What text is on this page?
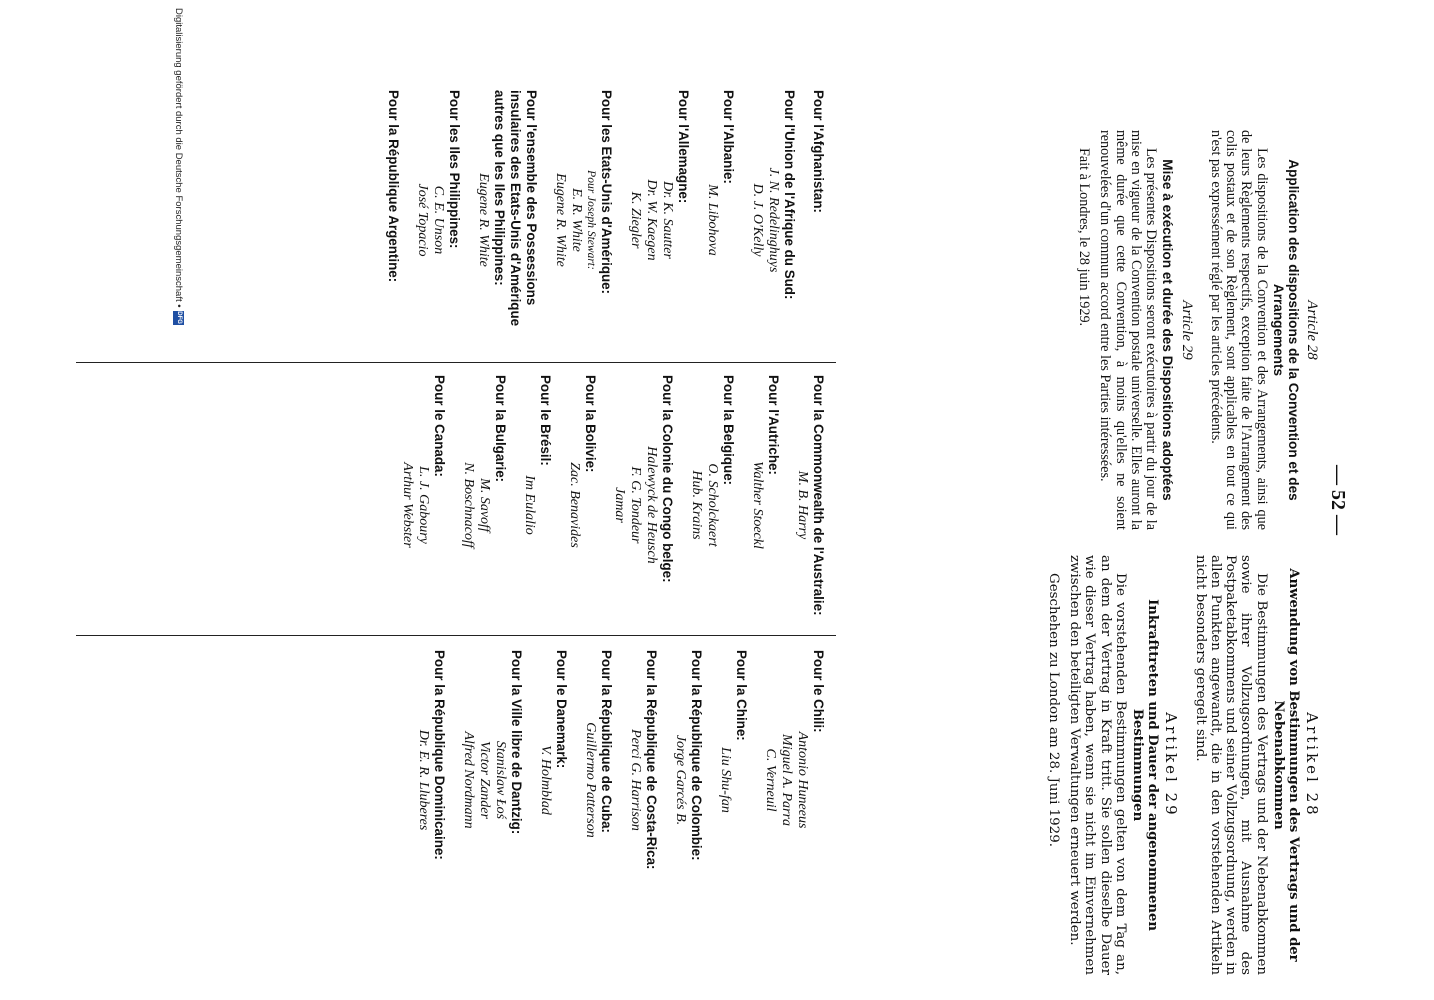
Digitalisierung gefördert durch die Deutsche Forschungsgemeinschaft •DFG
— 52 —
Article 28
Application des dispositions de la Convention et des Arrangements

Les dispositions de la Convention et des Arrangements, ainsi que de leurs Règlements respectifs, exception faite de l'Arrangement des colis postaux et de son Règlement, sont applicables en tout ce qui n'est pas expressément réglé par les articles précédents.

Article 29
Mise à exécution et durée des Dispositions adoptées

Les présentes Dispositions seront exécutoires à partir du jour de la mise en vigueur de la Convention postale universelle. Elles auront la même durée que cette Convention, à moins qu'elles ne soient renouvelées d'un commun accord entre les Parties intéressées.

Fait à Londres, le 28 juin 1929.

Artikel 28
Anwendung von Bestimmungen des Vertrags und der Nebenabkommen

Die Bestimmungen des Vertrags und der Nebenabkommen sowie ihrer Vollzugsordnungen, mit Ausnahme des Postpaketabkommens und seiner Vollzugsordnung, werden in allen Punkten angewandt, die in den vorstehenden Artikeln nicht besonders geregelt sind.

Artikel 29
Inkrafttreten und Dauer der angenommenen Bestimmungen

Die vorstehenden Bestimmungen gelten von dem Tag an, an dem der Vertrag in Kraft tritt. Sie sollen dieselbe Dauer wie dieser Vertrag haben, wenn sie nicht im Einvernehmen zwischen den beteiligten Verwaltungen erneuert werden.

Geschehen zu London am 28. Juni 1929.

Pour l'Afghanistan:
Pour l'Union de l'Afrique du Sud:
J. N. Redelinghuys
D. J. O'Kelly
Pour l'Albanie:
M. Libohova
Pour l'Allemagne:
Dr. K. Sautter
Dr. W. Kaegen
K. Ziegler
Pour les Etats-Unis d'Amérique:
Pour Joseph Stewart:
E. R. White
Eugene R. White
Pour l'ensemble des Possessions insulaires des Etats-Unis d'Amérique autres que les Iles Philippines:
Eugene R. White
Pour les Iles Philippines:
C. E. Unson
José Topacio
Pour la République Argentine:
Pour la Commonwealth de l'Australie:
M. B. Harry
Pour l'Autriche:
Walther Stoeckl
Pour la Belgique:
O. Scholckaert
Hub. Krains
Pour la Colonie du Congo belge:
Halewyck de Heusch
F. G. Tondeur
Jamar
Pour la Bolivie:
Zac. Benavides
Pour le Brésil:
Im Eulalio
Pour la Bulgarie:
M. Savoff
N. Boschnacoff
Pour le Canada:
L. J. Gaboury
Arthur Webster
Pour le Chili:
Antonio Huneeus
Miguel A. Parra
C. Verneuil
Pour la Chine:
Liu Shu-fan
Pour la République de Colombie:
Jorge Garcés B.
Pour la République de Costa-Rica:
Perci G. Harrison
Pour la République de Cuba:
Guillermo Patterson
Pour le Danemark:
V. Holmblad
Pour la Ville libre de Dantzig:
Stanislaw Łoś
Victor Zander
Alfred Nordmann
Pour la République Dominicaine:
Dr. E. R. Lluberes
